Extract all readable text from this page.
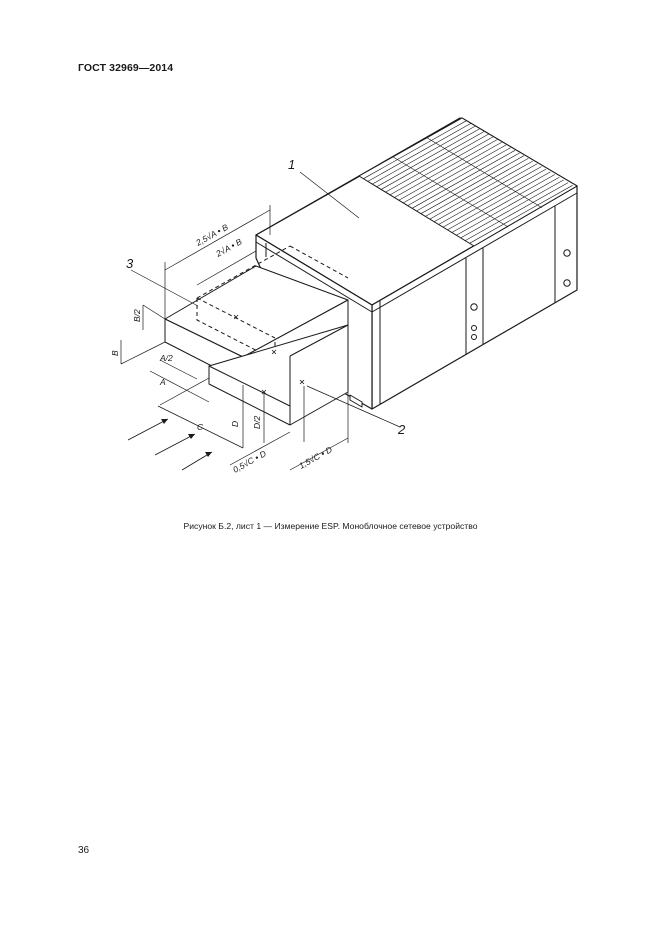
ГОСТ 32969—2014
1
2
3
2,5√A • B
2√A • B
B/2
B	A/2
A
C	D D/2
0,5√C • D	1,5√C • D
Рисунок Б.2, лист 1 — Измерение ESP. Моноблочное сетевое устройство
36
